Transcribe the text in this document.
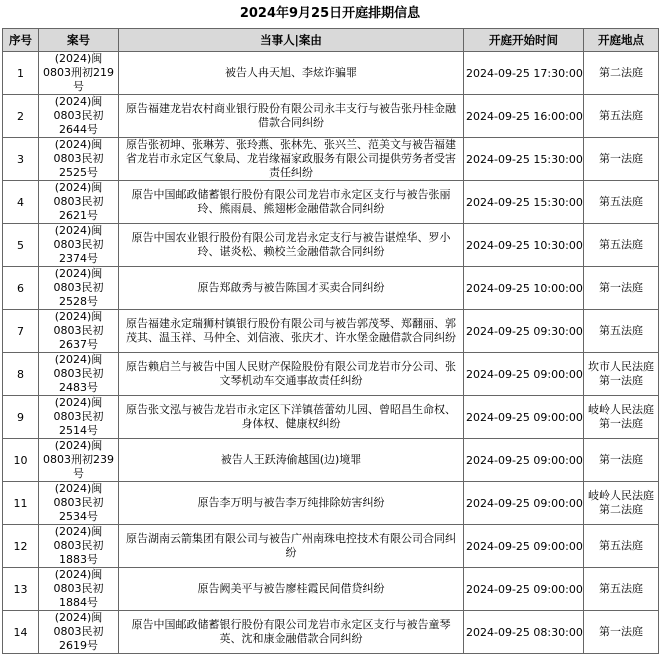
2024年9月25日开庭排期信息
序号	案号	当事人|案由	开庭开始时间	开庭地点
1	(2024)闽0803刑初219号	被告人冉天旭、李炫诈骗罪	2024-09-25 17:30:00	第二法庭
2	(2024)闽0803民初2644号	原告福建龙岩农村商业银行股份有限公司永丰支行与被告张丹桂金融借款合同纠纷	2024-09-25 16:00:00	第五法庭
3	(2024)闽0803民初2525号	原告张初坤、张琳芳、张玲燕、张林先、张兴兰、范美文与被告福建省龙岩市永定区气象局、龙岩缘福家政服务有限公司提供劳务者受害责任纠纷	2024-09-25 15:30:00	第一法庭
4	(2024)闽0803民初2621号	原告中国邮政储蓄银行股份有限公司龙岩市永定区支行与被告张丽玲、熊雨晨、熊翅彬金融借款合同纠纷	2024-09-25 15:30:00	第五法庭
5	(2024)闽0803民初2374号	原告中国农业银行股份有限公司龙岩永定支行与被告谌煌华、罗小玲、谌炎松、赖校兰金融借款合同纠纷	2024-09-25 10:30:00	第五法庭
6	(2024)闽0803民初2528号	原告郑啟秀与被告陈国才买卖合同纠纷	2024-09-25 10:00:00	第一法庭
7	(2024)闽0803民初2637号	原告福建永定瑞狮村镇银行股份有限公司与被告郭茂琴、郑翻丽、郭茂其、温玉祥、马仲全、刘信液、张庆才、许水堡金融借款合同纠纷	2024-09-25 09:30:00	第五法庭
8	(2024)闽0803民初2483号	原告赖启兰与被告中国人民财产保险股份有限公司龙岩市分公司、张文琴机动车交通事故责任纠纷	2024-09-25 09:00:00	坎市人民法庭第一法庭
9	(2024)闽0803民初2514号	原告张文泓与被告龙岩市永定区下洋镇蓓蕾幼儿园、曾昭昌生命权、身体权、健康权纠纷	2024-09-25 09:00:00	岐岭人民法庭第一法庭
10	(2024)闽0803刑初239号	被告人王跃涛偷越国(边)境罪	2024-09-25 09:00:00	第一法庭
11	(2024)闽0803民初2534号	原告李万明与被告李万纯排除妨害纠纷	2024-09-25 09:00:00	岐岭人民法庭第二法庭
12	(2024)闽0803民初1883号	原告湖南云箭集团有限公司与被告广州南珠电控技术有限公司合同纠纷	2024-09-25 09:00:00	第五法庭
13	(2024)闽0803民初1884号	原告阙美平与被告廖桂霞民间借贷纠纷	2024-09-25 09:00:00	第五法庭
14	(2024)闽0803民初2619号	原告中国邮政储蓄银行股份有限公司龙岩市永定区支行与被告童琴英、沈和康金融借款合同纠纷	2024-09-25 08:30:00	第一法庭
